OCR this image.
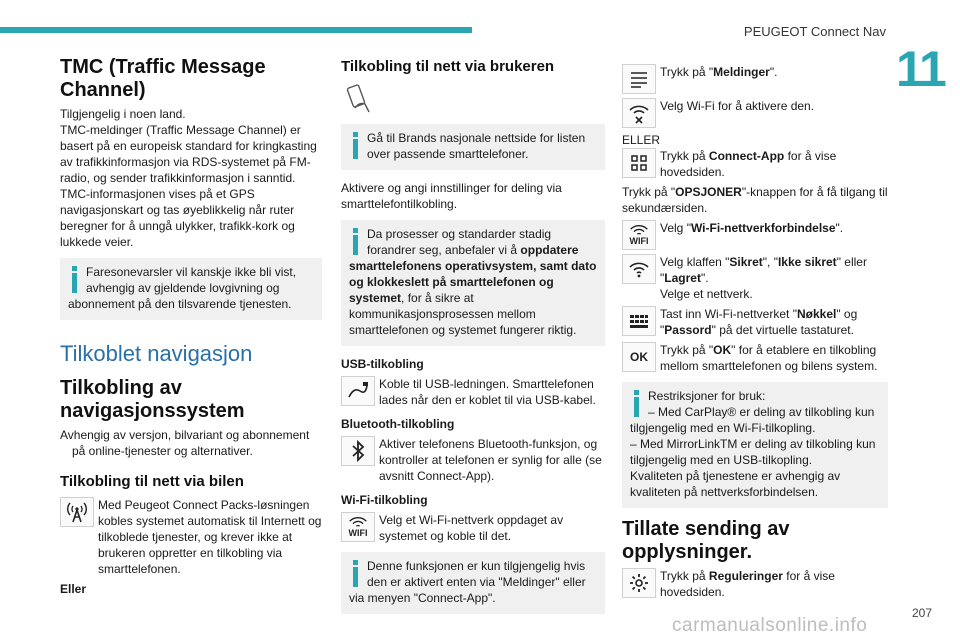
PEUGEOT Connect Nav
11
TMC (Traffic Message Channel)

Tilgjengelig i noen land.

TMC-meldinger (Traffic Message Channel) er basert på en europeisk standard for kringkasting av trafikkinformasjon via RDS-systemet på FM-radio, og sender trafikkinformasjon i sanntid. TMC-informasjonen vises på et GPS navigasjonskart og tas øyeblikkelig når ruter beregner for å unngå ulykker, trafikk-kork og lukkede veier.

Faresonevarsler vil kanskje ikke bli vist, avhengig av gjeldende lovgivning og abonnement på den tilsvarende tjenesten.
Tilkoblet navigasjon
Tilkobling av navigasjonssystem

Avhengig av versjon, bilvariant og abonnement på online-tjenester og alternativer.

Tilkobling til nett via bilen
Med Peugeot Connect Packs-løsningen kobles systemet automatisk til Internett og tilkoblede tjenester, og krever ikke at brukeren oppretter en tilkobling via smarttelefonen.

Eller

Tilkobling til nett via brukeren
Gå til Brands nasjonale nettside for listen over passende smarttelefoner.

Aktivere og angi innstillinger for deling via smarttelefontilkobling.

Da prosesser og standarder stadig forandrer seg, anbefaler vi å oppdatere smarttelefonens operativsystem, samt dato og klokkeslett på smarttelefonen og systemet, for å sikre at kommunikasjonsprosessen mellom smarttelefonen og systemet fungerer riktig.
USB-tilkobling
Koble til USB-ledningen. Smarttelefonen lades når den er koblet til via USB-kabel.
Bluetooth-tilkobling
Aktiver telefonens Bluetooth-funksjon, og kontroller at telefonen er synlig for alle (se avsnitt Connect-App).
Wi-Fi-tilkobling
WIFI
Velg et Wi-Fi-nettverk oppdaget av systemet og koble til det.
Denne funksjonen er kun tilgjengelig hvis den er aktivert enten via "Meldinger" eller via menyen "Connect-App".
Trykk på "Meldinger".
Velg Wi-Fi for å aktivere den.

ELLER

Trykk på Connect-App for å vise hovedsiden.

Trykk på "OPSJONER"-knappen for å få tilgang til sekundærsiden.

WIFI
Velg "Wi-Fi-nettverkforbindelse".
Velg klaffen "Sikret", "Ikke sikret" eller "Lagret".
Velge et nettverk.
Tast inn Wi-Fi-nettverket "Nøkkel" og "Passord" på det virtuelle tastaturet.
OK	Trykk på "OK" for å etablere en tilkobling mellom smarttelefonen og bilens system.
Restriksjoner for bruk:
– Med CarPlay® er deling av tilkobling kun tilgjengelig med en Wi-Fi-tilkopling.
– Med MirrorLinkTM er deling av tilkobling kun tilgjengelig med en USB-tilkopling.
Kvaliteten på tjenestene er avhengig av kvaliteten på nettverksforbindelsen.
Tillate sending av opplysninger.
Trykk på Reguleringer for å vise hovedsiden.
207
carmanualsonline.info
